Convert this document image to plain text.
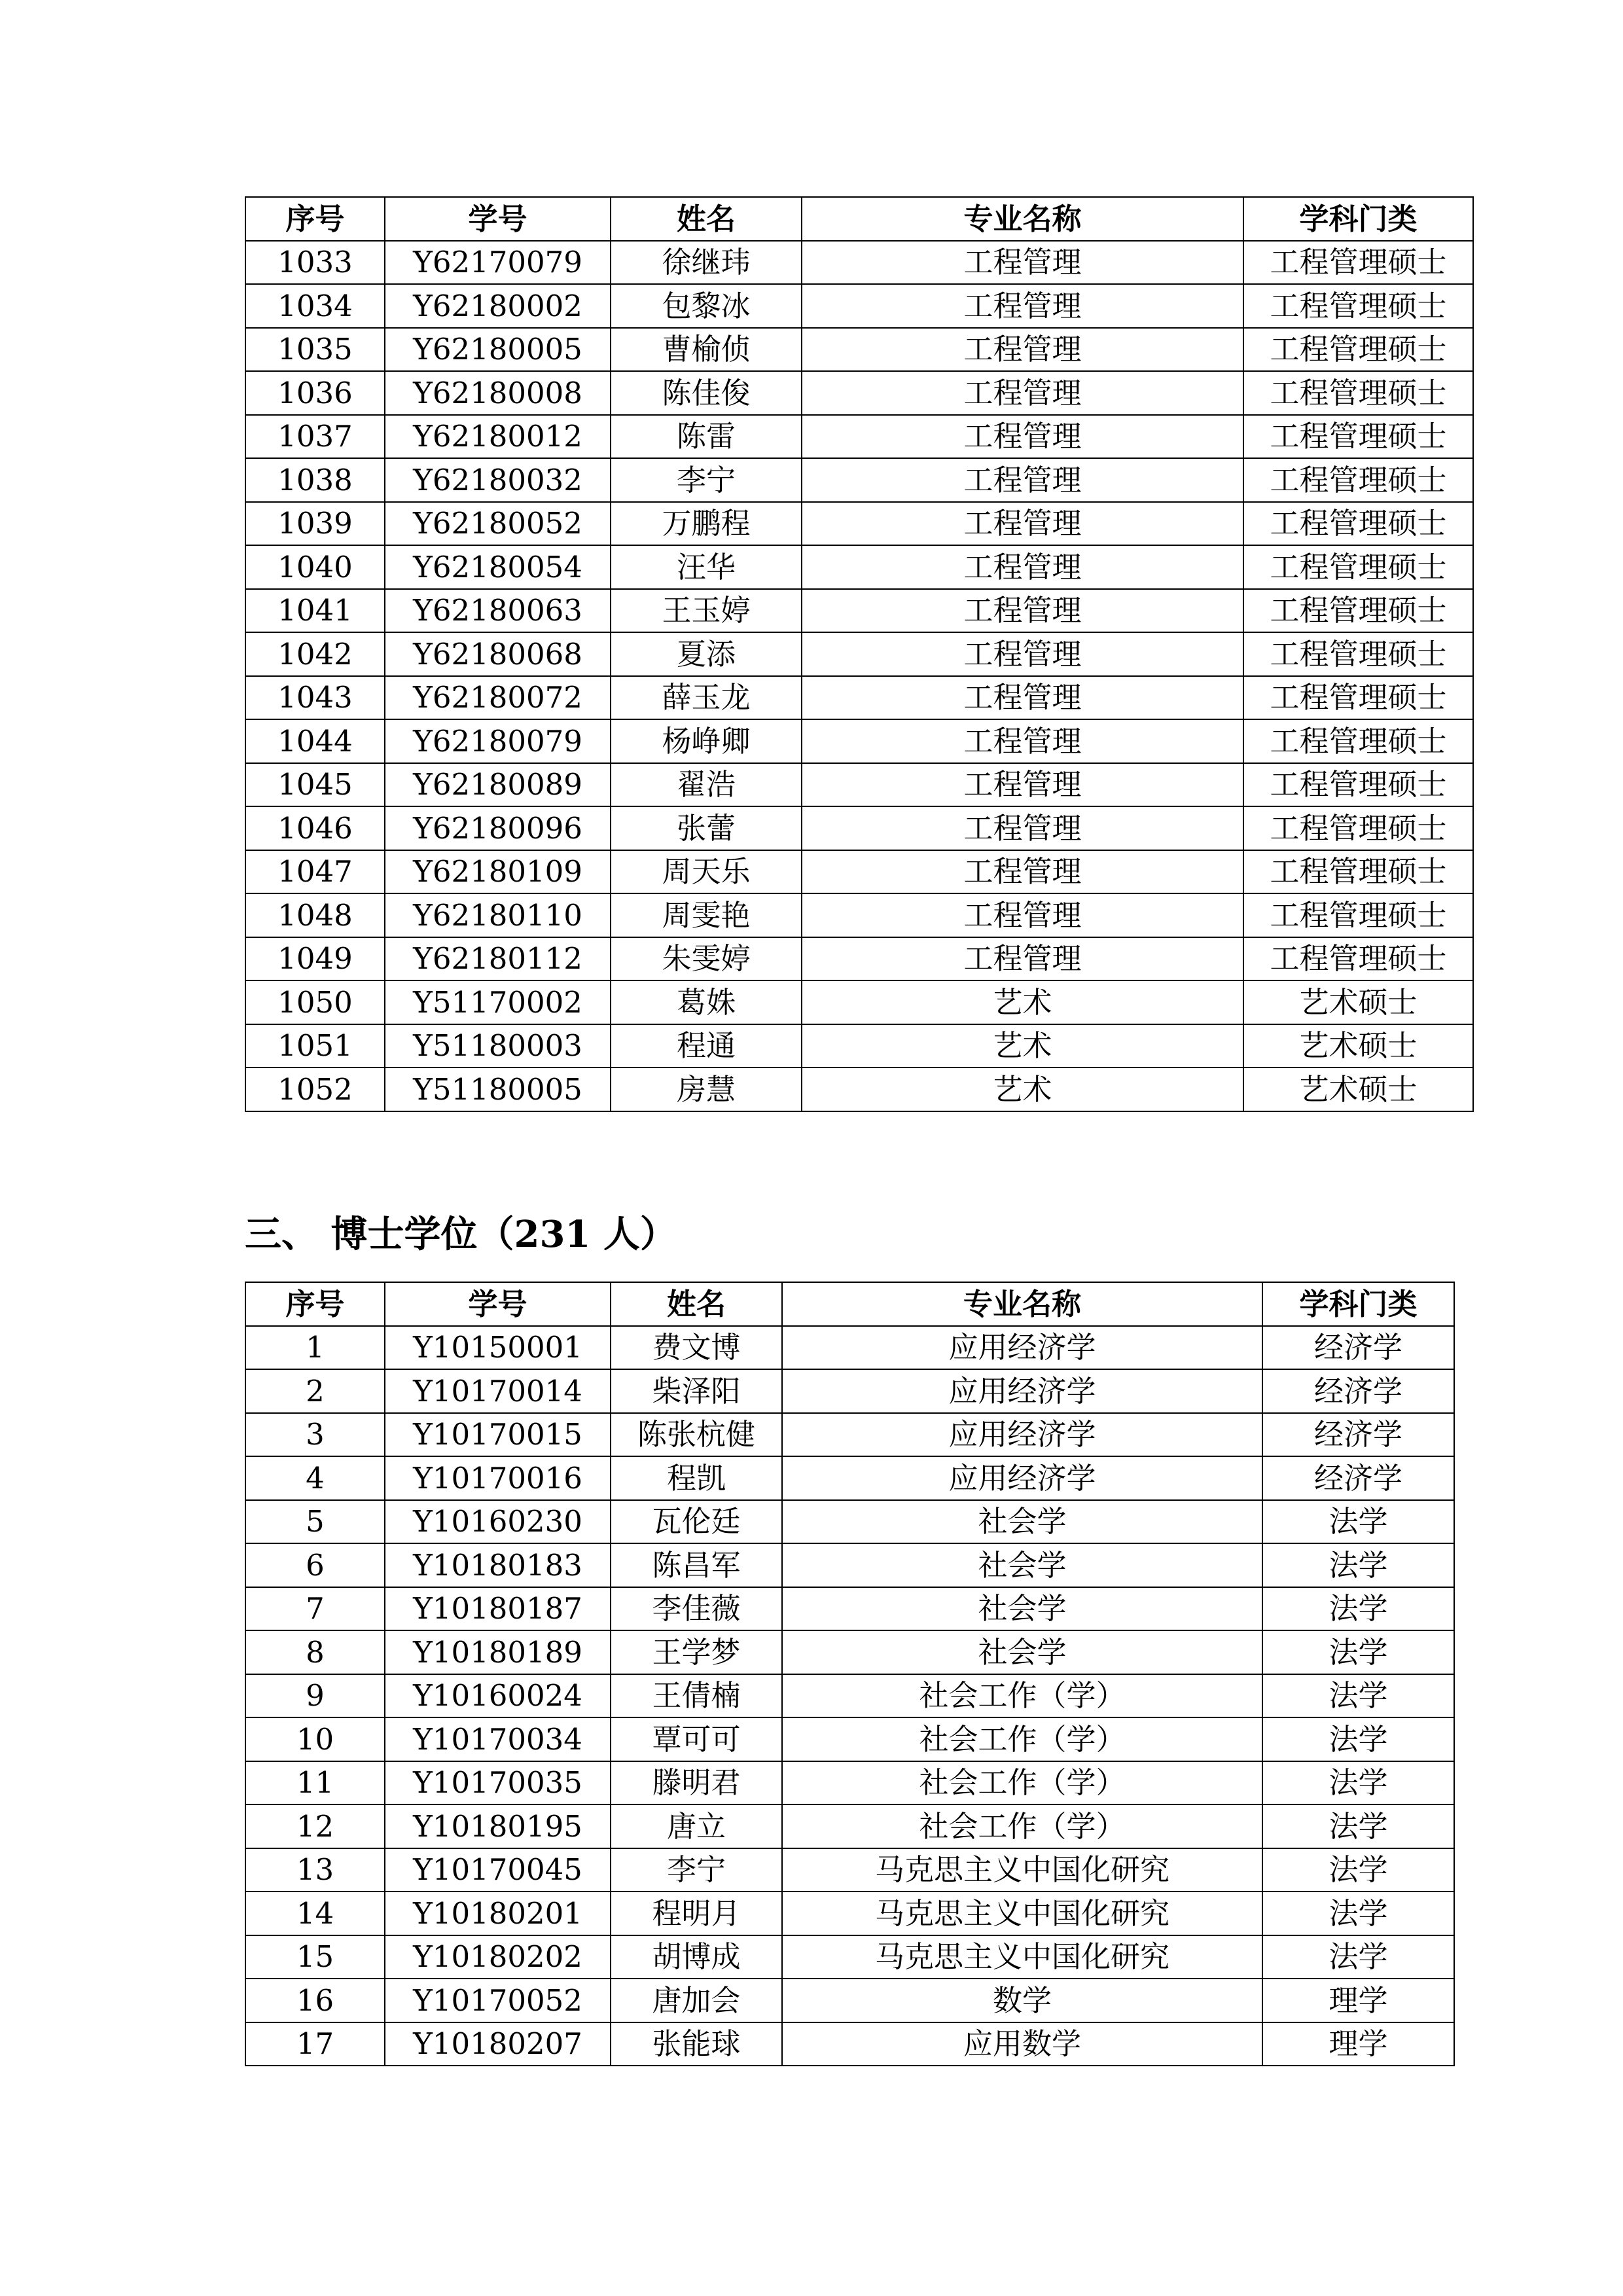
序号	学号	姓名	专业名称	学科门类
1033	Y62170079	徐继玮	工程管理	工程管理硕士
1034	Y62180002	包黎冰	工程管理	工程管理硕士
1035	Y62180005	曹榆侦	工程管理	工程管理硕士
1036	Y62180008	陈佳俊	工程管理	工程管理硕士
1037	Y62180012	陈雷	工程管理	工程管理硕士
1038	Y62180032	李宁	工程管理	工程管理硕士
1039	Y62180052	万鹏程	工程管理	工程管理硕士
1040	Y62180054	汪华	工程管理	工程管理硕士
1041	Y62180063	王玉婷	工程管理	工程管理硕士
1042	Y62180068	夏添	工程管理	工程管理硕士
1043	Y62180072	薛玉龙	工程管理	工程管理硕士
1044	Y62180079	杨峥卿	工程管理	工程管理硕士
1045	Y62180089	翟浩	工程管理	工程管理硕士
1046	Y62180096	张蕾	工程管理	工程管理硕士
1047	Y62180109	周天乐	工程管理	工程管理硕士
1048	Y62180110	周雯艳	工程管理	工程管理硕士
1049	Y62180112	朱雯婷	工程管理	工程管理硕士
1050	Y51170002	葛姝	艺术	艺术硕士
1051	Y51180003	程通	艺术	艺术硕士
1052	Y51180005	房慧	艺术	艺术硕士
三、 博士学位（231 人）
序号	学号	姓名	专业名称	学科门类
1	Y10150001	费文博	应用经济学	经济学
2	Y10170014	柴泽阳	应用经济学	经济学
3	Y10170015	陈张杭健	应用经济学	经济学
4	Y10170016	程凯	应用经济学	经济学
5	Y10160230	瓦伦廷	社会学	法学
6	Y10180183	陈昌军	社会学	法学
7	Y10180187	李佳薇	社会学	法学
8	Y10180189	王学梦	社会学	法学
9	Y10160024	王倩楠	社会工作（学）	法学
10	Y10170034	覃可可	社会工作（学）	法学
11	Y10170035	滕明君	社会工作（学）	法学
12	Y10180195	唐立	社会工作（学）	法学
13	Y10170045	李宁	马克思主义中国化研究	法学
14	Y10180201	程明月	马克思主义中国化研究	法学
15	Y10180202	胡博成	马克思主义中国化研究	法学
16	Y10170052	唐加会	数学	理学
17	Y10180207	张能球	应用数学	理学
